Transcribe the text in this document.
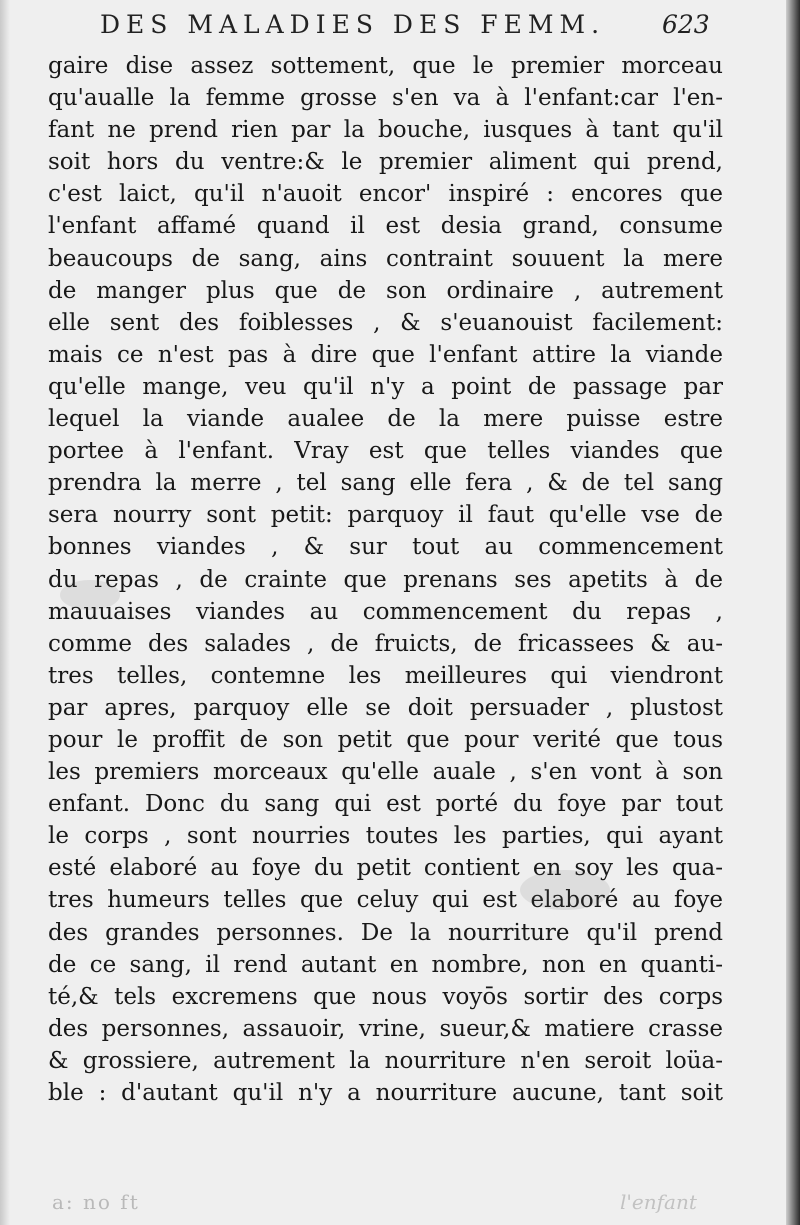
DES MALADIES DES FEMM.	623
gaire dise assez sottement, que le premier morceau
qu'aualle la femme grosse s'en va à l'enfant:car l'en-
fant ne prend rien par la bouche, iusques à tant qu'il
soit hors du ventre:& le premier aliment qui prend,
c'est laict, qu'il n'auoit encor' inspiré : encores que
l'enfant affamé quand il est desia grand, consume
beaucoups de sang, ains contraint souuent la mere
de manger plus que de son ordinaire , autrement
elle sent des foiblesses , & s'euanouist facilement:
mais ce n'est pas à dire que l'enfant attire la viande
qu'elle mange, veu qu'il n'y a point de passage par
lequel la viande aualee de la mere puisse estre
portee à l'enfant. Vray est que telles viandes que
prendra la merre , tel sang elle fera , & de tel sang
sera nourry sont petit: parquoy il faut qu'elle vse de
bonnes viandes , & sur tout au commencement
du repas , de crainte que prenans ses apetits à de
mauuaises viandes au commencement du repas ,
comme des salades , de fruicts, de fricassees & au-
tres telles, contemne les meilleures qui viendront
par apres, parquoy elle se doit persuader , plustost
pour le proffit de son petit que pour verité que tous
les premiers morceaux qu'elle auale , s'en vont à son
enfant. Donc du sang qui est porté du foye par tout
le corps , sont nourries toutes les parties, qui ayant
esté elaboré au foye du petit contient en soy les qua-
tres humeurs telles que celuy qui est elaboré au foye
des grandes personnes. De la nourriture qu'il prend
de ce sang, il rend autant en nombre, non en quanti-
té,& tels excremens que nous voyōs sortir des corps
des personnes, assauoir, vrine, sueur,& matiere crasse
& grossiere, autrement la nourriture n'en seroit loüa-
ble : d'autant qu'il n'y a nourriture aucune, tant soit
a: no ft	l'enfant
